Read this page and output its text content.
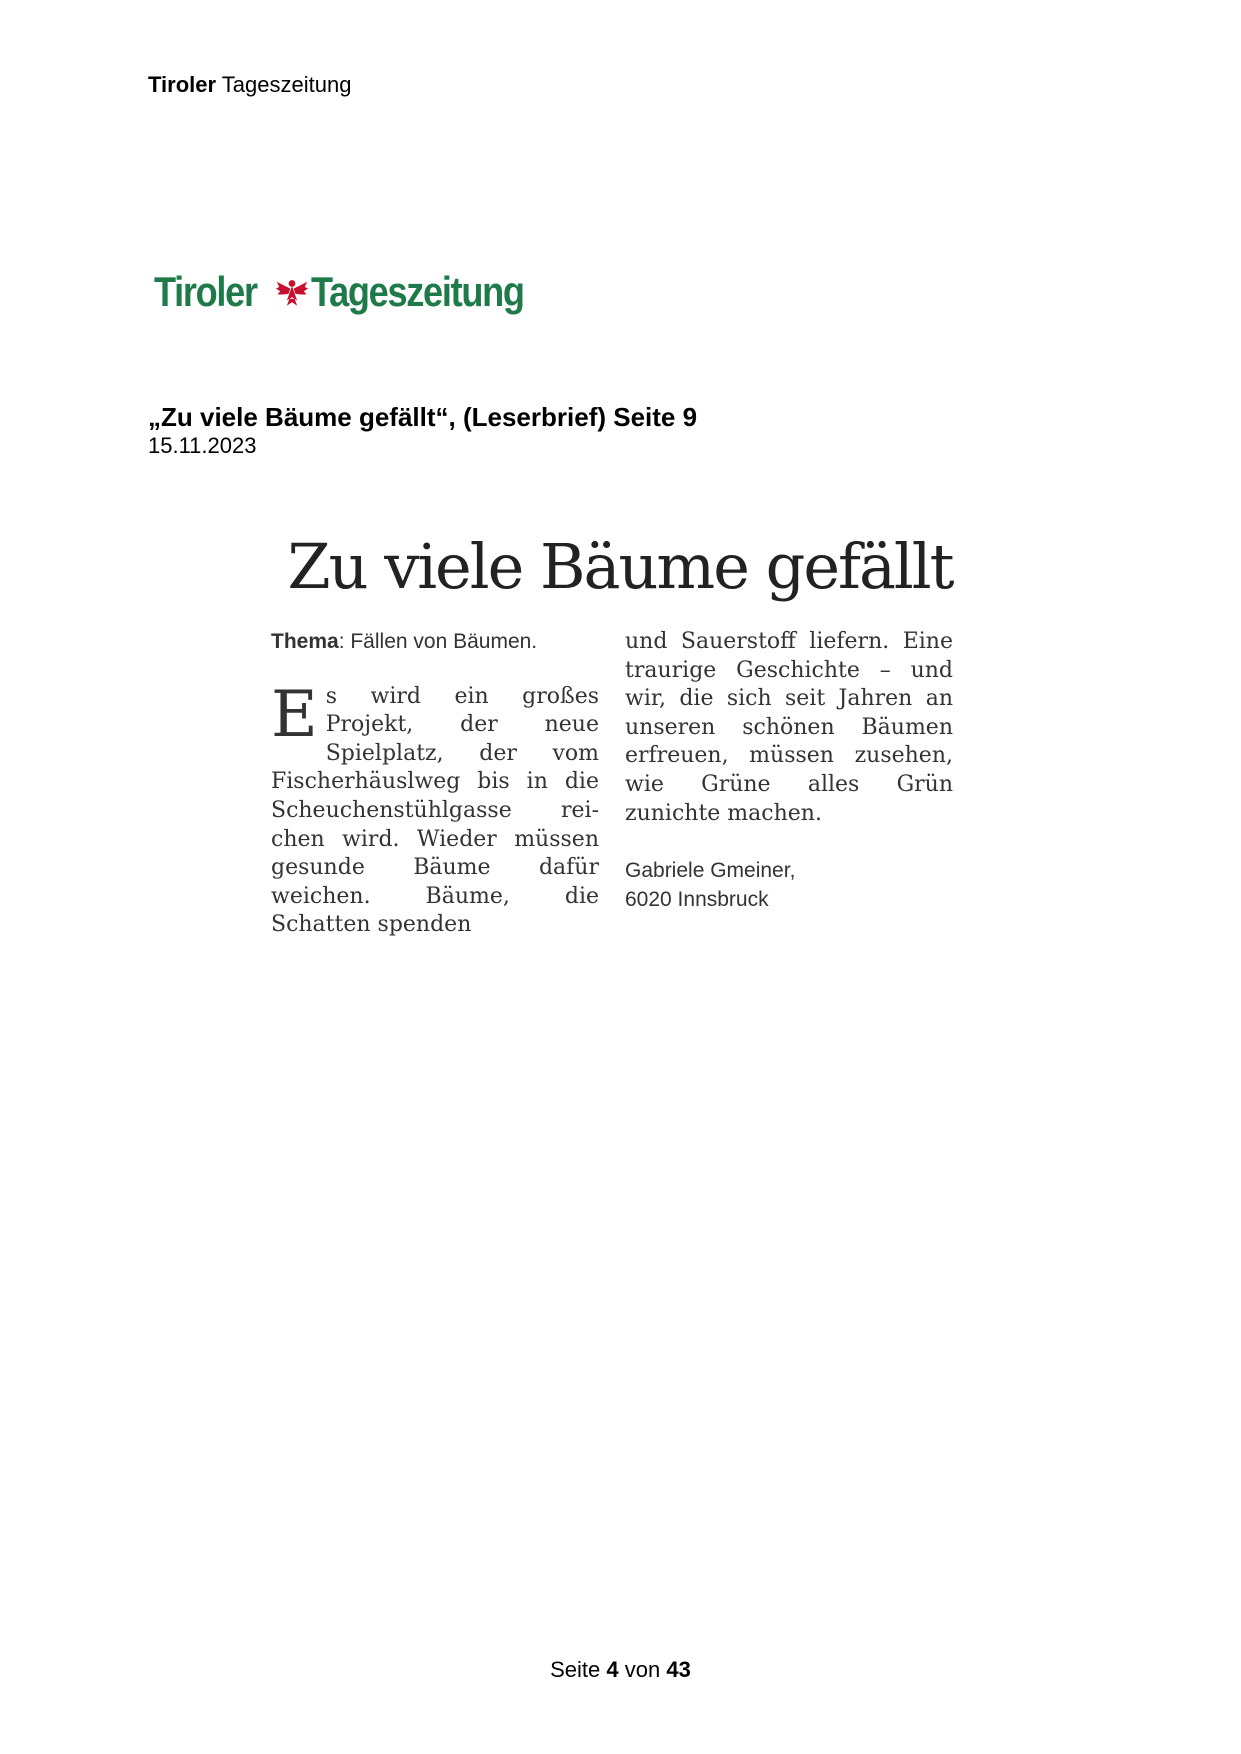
Tiroler Tageszeitung
Tiroler Tageszeitung
„Zu viele Bäume gefällt“, (Leserbrief) Seite 9
15.11.2023
Zu viele Bäume gefällt
Thema: Fällen von Bäumen.
Es wird ein großes Projekt, der neue Spielplatz, der vom Fischerhäuslweg bis in die Scheuchenstühlgasse reichen wird. Wieder müssen gesunde Bäume dafür weichen. Bäume, die Schatten spenden
und Sauerstoff liefern. Eine traurige Geschichte – und wir, die sich seit Jahren an unseren schönen Bäumen erfreuen, müssen zusehen, wie Grüne alles Grün zunichte machen.
Gabriele Gmeiner,
6020 Innsbruck
Seite 4 von 43
